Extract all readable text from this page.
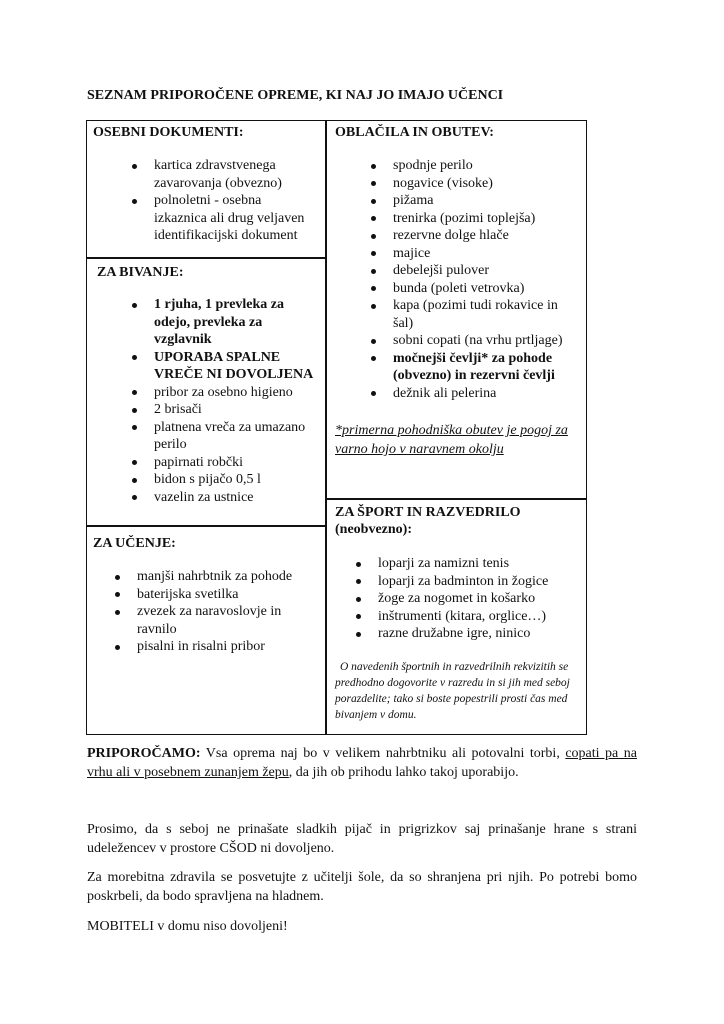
SEZNAM PRIPOROČENE OPREME, KI NAJ JO IMAJO UČENCI
OSEBNI DOKUMENTI:
kartica zdravstvenega zavarovanja (obvezno)
polnoletni - osebna izkaznica ali drug veljaven identifikacijski dokument
ZA BIVANJE:
1 rjuha, 1 prevleka za odejo, prevleka za vzglavnik
UPORABA SPALNE VREČE NI DOVOLJENA
pribor za osebno higieno
2 brisači
platnena vreča za umazano perilo
papirnati robčki
bidon s pijačo 0,5 l
vazelin za ustnice
ZA UČENJE:
manjši nahrbtnik za pohode
baterijska svetilka
zvezek za naravoslovje in ravnilo
pisalni in risalni pribor
OBLAČILA IN OBUTEV:
spodnje perilo
nogavice (visoke)
pižama
trenirka (pozimi toplejša)
rezervne dolge hlače
majice
debelejši pulover
bunda (poleti vetrovka)
kapa (pozimi tudi rokavice in šal)
sobni copati (na vrhu prtljage)
močnejši čevlji* za pohode (obvezno) in rezervni čevlji
dežnik ali pelerina
*primerna pohodniška obutev je pogoj za varno hojo v naravnem okolju
ZA ŠPORT IN RAZVEDRILO (neobvezno):
loparji za namizni tenis
loparji za badminton in žogice
žoge za nogomet in košarko
inštrumenti (kitara, orglice…)
razne družabne igre, ninico
O navedenih športnih in razvedrilnih rekvizitih se predhodno dogovorite v razredu in si jih med seboj porazdelite; tako si boste popestrili prosti čas med bivanjem v domu.
PRIPOROČAMO: Vsa oprema naj bo v velikem nahrbtniku ali potovalni torbi, copati pa na vrhu ali v posebnem zunanjem žepu, da jih ob prihodu lahko takoj uporabijo.
Prosimo, da s seboj ne prinašate sladkih pijač in prigrizkov saj prinašanje hrane s strani udeležencev v prostore CŠOD ni dovoljeno.
Za morebitna zdravila se posvetujte z učitelji šole, da so shranjena pri njih. Po potrebi bomo poskrbeli, da bodo spravljena na hladnem.
MOBITELI v domu niso dovoljeni!
